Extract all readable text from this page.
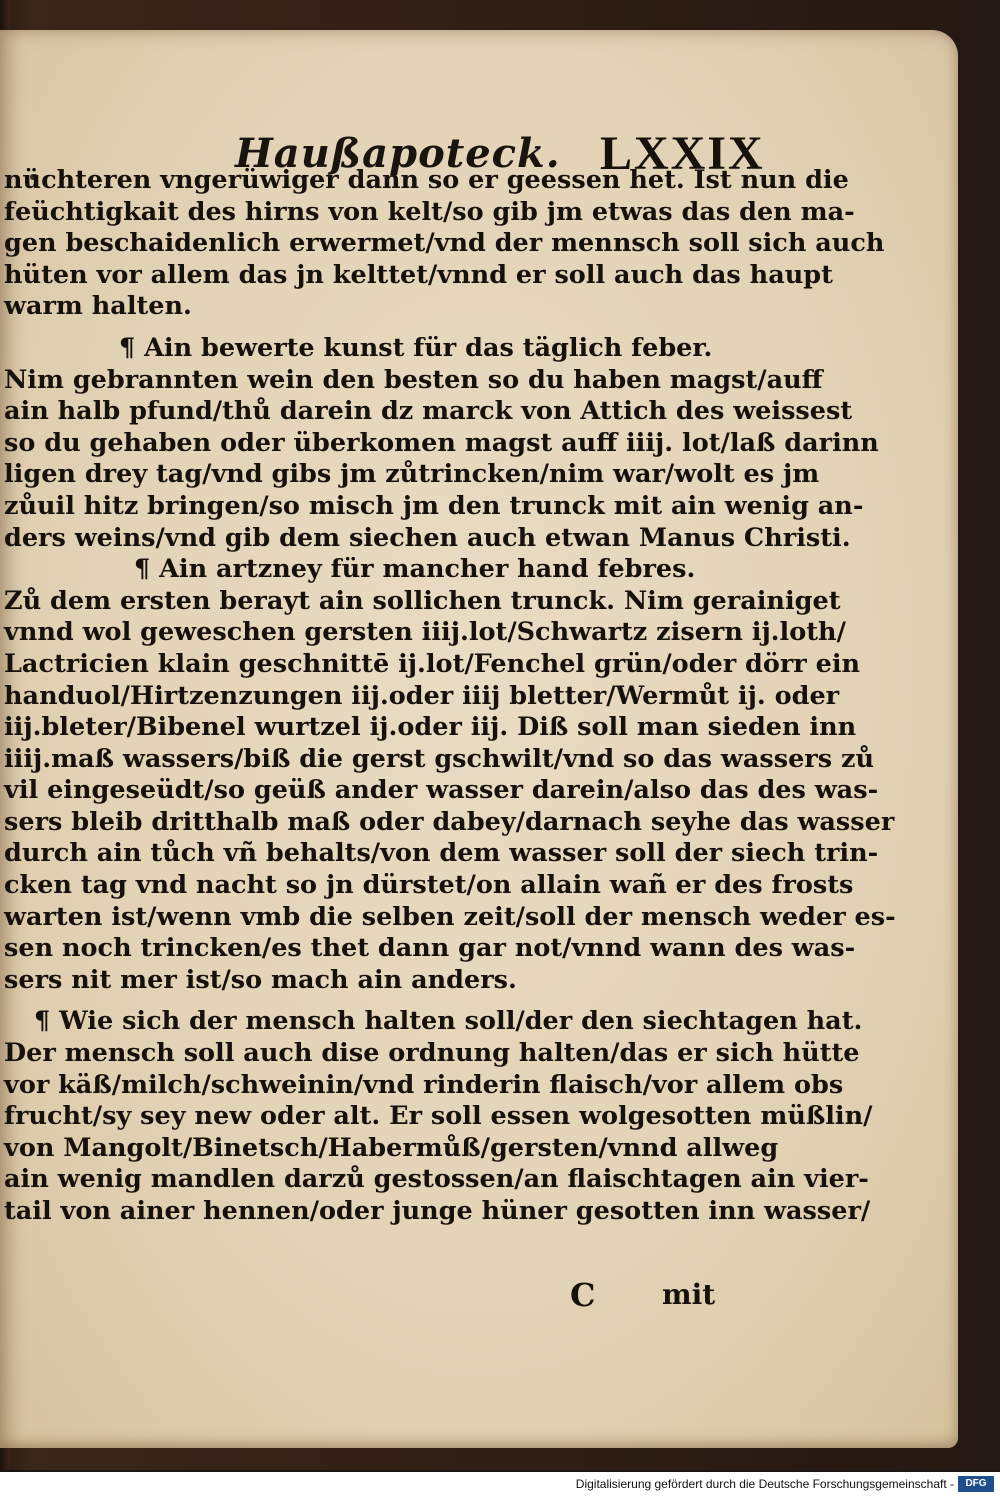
Haußapoteck. LXXIX
nüchteren vngerüwiger dann so er geessen het. Ist nun die
feüchtigkait des hirns von kelt/so gib jm etwas das den ma-
gen beschaidenlich erwermet/vnd der mennsch soll sich auch
hüten vor allem das jn kelttet/vnnd er soll auch das haupt
warm halten.
¶ Ain bewerte kunst für das täglich feber.
Nim gebrannten wein den besten so du haben magst/auff
ain halb pfund/thů darein dz marck von Attich des weissest
so du gehaben oder überkomen magst auff iiij. lot/laß darinn
ligen drey tag/vnd gibs jm zůtrincken/nim war/wolt es jm
zůuil hitz bringen/so misch jm den trunck mit ain wenig an-
ders weins/vnd gib dem siechen auch etwan Manus Christi.
¶ Ain artzney für mancher hand febres.
Zů dem ersten berayt ain sollichen trunck. Nim gerainiget
vnnd wol geweschen gersten iiij.lot/Schwartz zisern ij.loth/
Lactricien klain geschnittē ij.lot/Fenchel grün/oder dörr ein
handuol/Hirtzenzungen iij.oder iiij bletter/Wermůt ij. oder
iij.bleter/Bibenel wurtzel ij.oder iij. Diß soll man sieden inn
iiij.maß wassers/biß die gerst gschwilt/vnd so das wassers zů
vil eingeseüdt/so geüß ander wasser darein/also das des was-
sers bleib dritthalb maß oder dabey/darnach seyhe das wasser
durch ain tůch vñ behalts/von dem wasser soll der siech trin-
cken tag vnd nacht so jn dürstet/on allain wañ er des frosts
warten ist/wenn vmb die selben zeit/soll der mensch weder es-
sen noch trincken/es thet dann gar not/vnnd wann des was-
sers nit mer ist/so mach ain anders.
¶ Wie sich der mensch halten soll/der den siechtagen hat.
Der mensch soll auch dise ordnung halten/das er sich hütte
vor käß/milch/schweinin/vnd rinderin flaisch/vor allem obs
frucht/sy sey new oder alt. Er soll essen wolgesotten müßlin/
von Mangolt/Binetsch/Habermůß/gersten/vnnd allweg
ain wenig mandlen darzů gestossen/an flaischtagen ain vier-
tail von ainer hennen/oder junge hüner gesotten inn wasser/
C mit
Digitalisierung gefördert durch die Deutsche Forschungsgemeinschaft -	DFG
